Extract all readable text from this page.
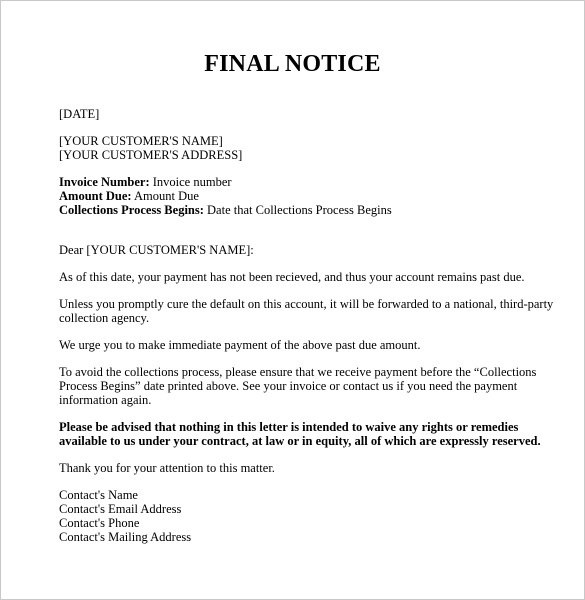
FINAL NOTICE

[DATE]

[YOUR CUSTOMER'S NAME]

[YOUR CUSTOMER'S ADDRESS]

Invoice Number: Invoice number

Amount Due: Amount Due

Collections Process Begins: Date that Collections Process Begins

Dear [YOUR CUSTOMER'S NAME]:

As of this date, your payment has not been recieved, and thus your account remains past due.

Unless you promptly cure the default on this account, it will be forwarded to a national, third-party

collection agency.

We urge you to make immediate payment of the above past due amount.

To avoid the collections process, please ensure that we receive payment before the “Collections

Process Begins” date printed above. See your invoice or contact us if you need the payment

information again.

Please be advised that nothing in this letter is intended to waive any rights or remedies

available to us under your contract, at law or in equity, all of which are expressly reserved.

Thank you for your attention to this matter.

Contact's Name

Contact's Email Address

Contact's Phone

Contact's Mailing Address
